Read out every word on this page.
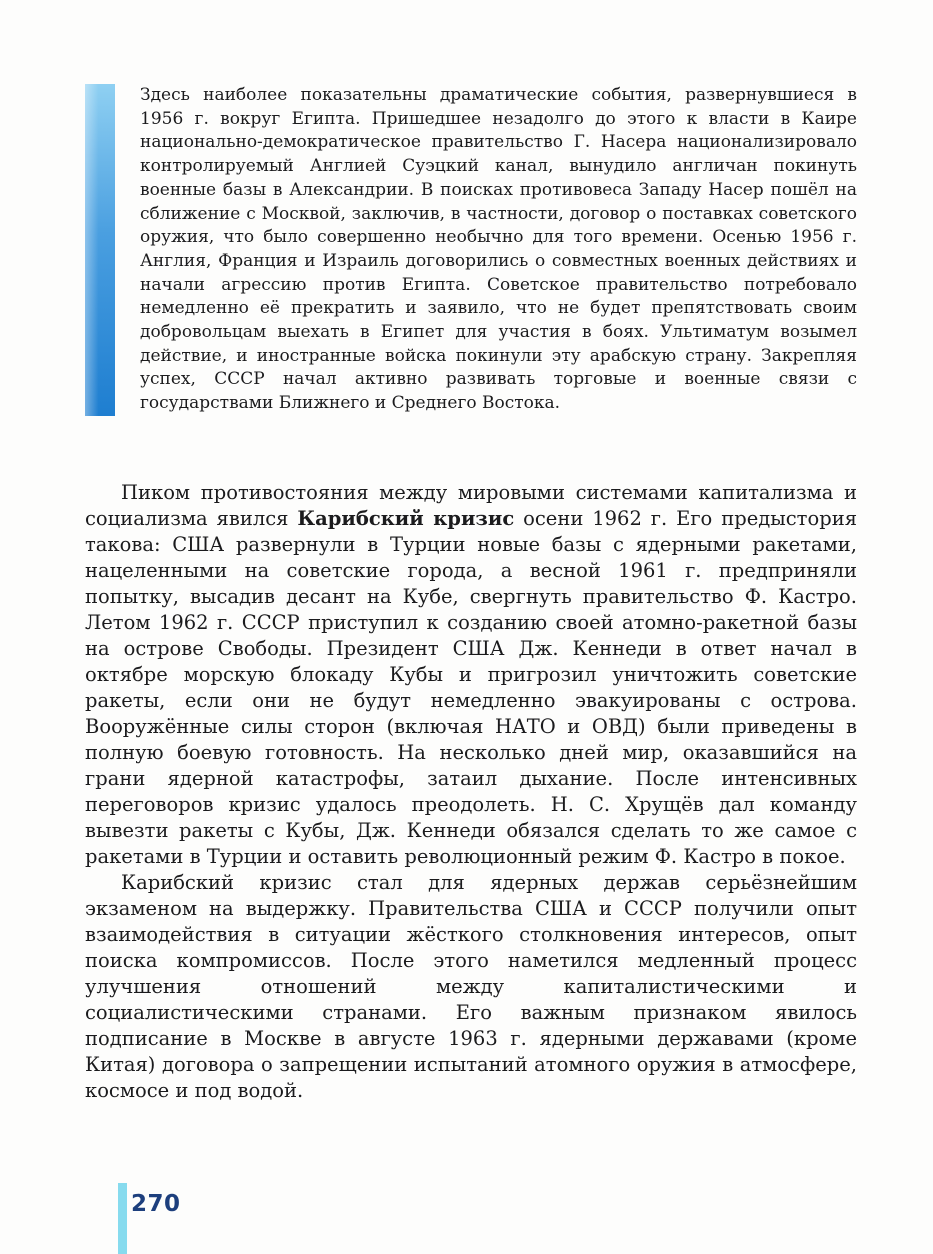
Здесь наиболее показательны драматические события, развернувшиеся в 1956 г. вокруг Египта. Пришедшее незадолго до этого к власти в Каире национально-демократическое правительство Г. Насера национализировало контролируемый Англией Суэцкий канал, вынудило англичан покинуть военные базы в Александрии. В поисках противовеса Западу Насер пошёл на сближение с Москвой, заключив, в частности, договор о поставках советского оружия, что было совершенно необычно для того времени. Осенью 1956 г. Англия, Франция и Израиль договорились о совместных военных действиях и начали агрессию против Египта. Советское правительство потребовало немедленно её прекратить и заявило, что не будет препятствовать своим добровольцам выехать в Египет для участия в боях. Ультиматум возымел действие, и иностранные войска покинули эту арабскую страну. Закрепляя успех, СССР начал активно развивать торговые и военные связи с государствами Ближнего и Среднего Востока.

Пиком противостояния между мировыми системами капитализма и социализма явился Карибский кризис осени 1962 г. Его предыстория такова: США развернули в Турции новые базы с ядерными ракетами, нацеленными на советские города, а весной 1961 г. предприняли попытку, высадив десант на Кубе, свергнуть правительство Ф. Кастро. Летом 1962 г. СССР приступил к созданию своей атомно-ракетной базы на острове Свободы. Президент США Дж. Кеннеди в ответ начал в октябре морскую блокаду Кубы и пригрозил уничтожить советские ракеты, если они не будут немедленно эвакуированы с острова. Вооружённые силы сторон (включая НАТО и ОВД) были приведены в полную боевую готовность. На несколько дней мир, оказавшийся на грани ядерной катастрофы, затаил дыхание. После интенсивных переговоров кризис удалось преодолеть. Н. С. Хрущёв дал команду вывезти ракеты с Кубы, Дж. Кеннеди обязался сделать то же самое с ракетами в Турции и оставить революционный режим Ф. Кастро в покое.

Карибский кризис стал для ядерных держав серьёзнейшим экзаменом на выдержку. Правительства США и СССР получили опыт взаимодействия в ситуации жёсткого столкновения интересов, опыт поиска компромиссов. После этого наметился медленный процесс улучшения отношений между капиталистическими и социалистическими странами. Его важным признаком явилось подписание в Москве в августе 1963 г. ядерными державами (кроме Китая) договора о запрещении испытаний атомного оружия в атмосфере, космосе и под водой.

270
